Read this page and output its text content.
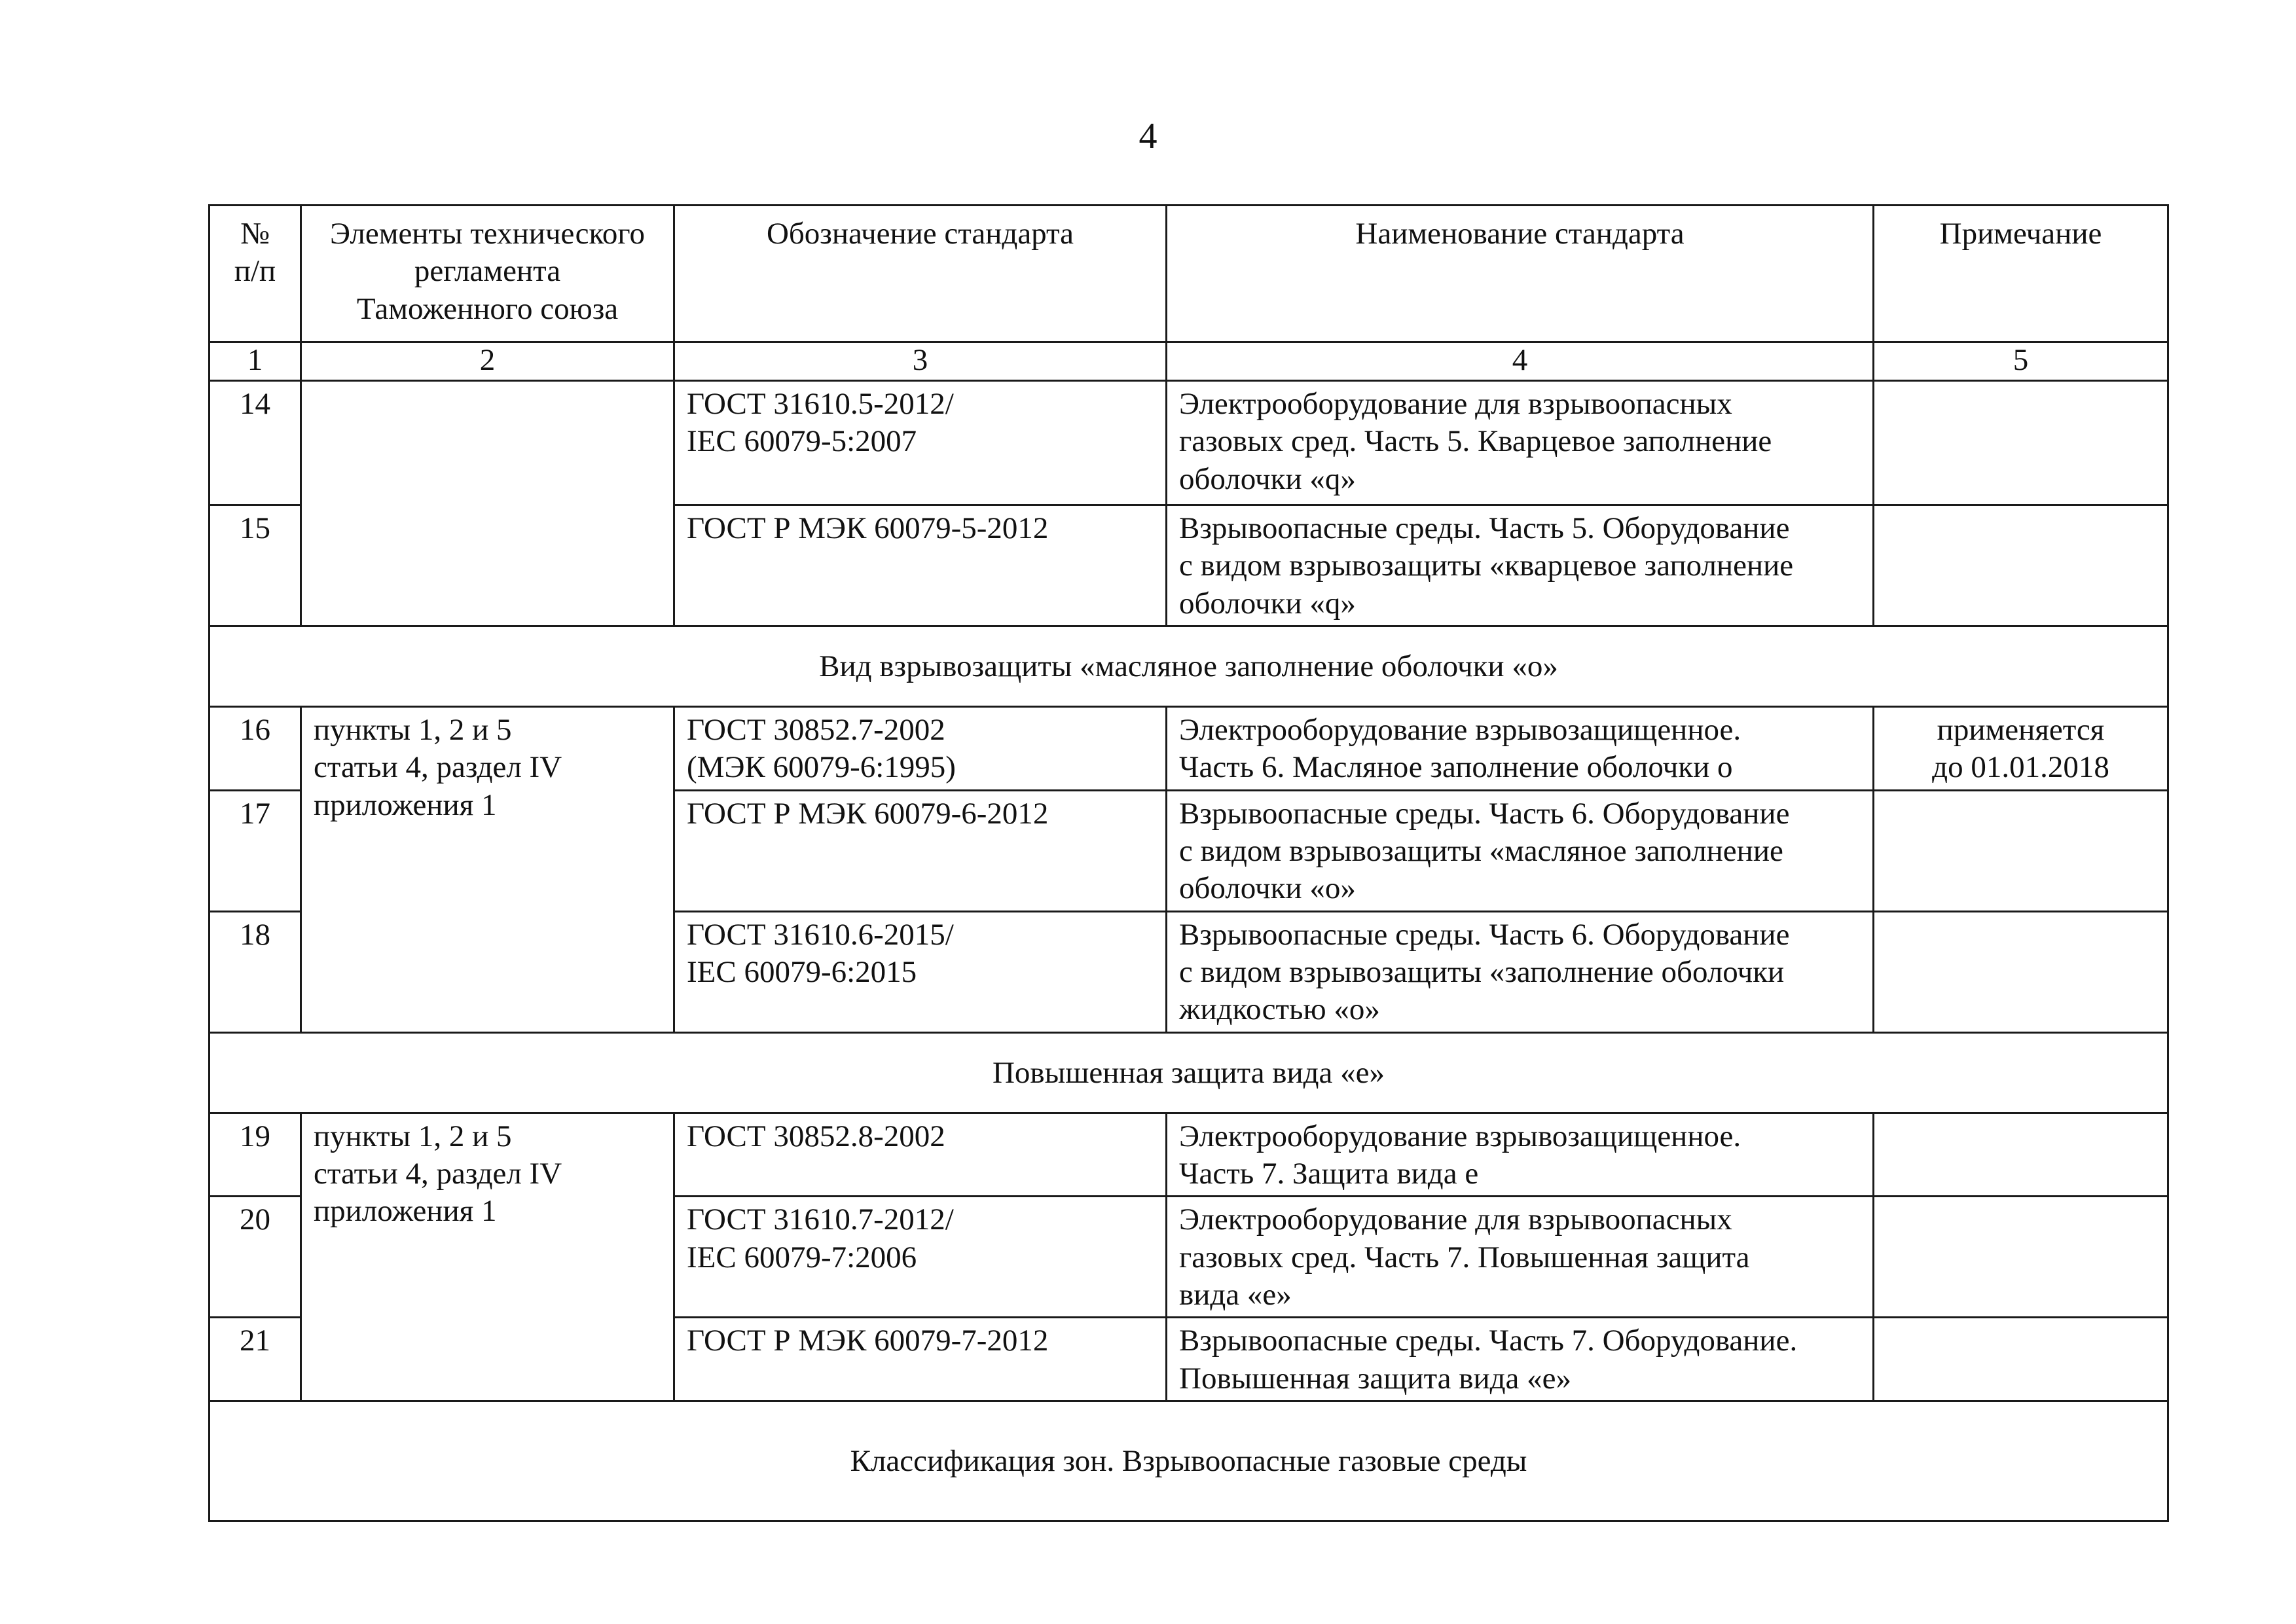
4
№
п/п	Элементы технического
регламента
Таможенного союза	Обозначение стандарта	Наименование стандарта	Примечание
1	2	3	4	5
14		ГОСТ 31610.5-2012/
IEC 60079-5:2007	Электрооборудование для взрывоопасных
газовых сред. Часть 5. Кварцевое заполнение
оболочки «q»	
15		ГОСТ Р МЭК 60079-5-2012	Взрывоопасные среды. Часть 5. Оборудование
с видом взрывозащиты «кварцевое заполнение
оболочки «q»	
Вид взрывозащиты «масляное заполнение оболочки «о»				
16	пункты 1, 2 и 5
статьи 4, раздел IV
приложения 1	ГОСТ 30852.7-2002
(МЭК 60079-6:1995)	Электрооборудование взрывозащищенное.
Часть 6. Масляное заполнение оболочки о	применяется
до 01.01.2018
17		ГОСТ Р МЭК 60079-6-2012	Взрывоопасные среды. Часть 6. Оборудование
с видом взрывозащиты «масляное заполнение
оболочки «о»	
18		ГОСТ 31610.6-2015/
IEC 60079-6:2015	Взрывоопасные среды. Часть 6. Оборудование
с видом взрывозащиты «заполнение оболочки
жидкостью «о»	
Повышенная защита вида «е»				
19	пункты 1, 2 и 5
статьи 4, раздел IV
приложения 1	ГОСТ 30852.8-2002	Электрооборудование взрывозащищенное.
Часть 7. Защита вида е	
20		ГОСТ 31610.7-2012/
IEC 60079-7:2006	Электрооборудование для взрывоопасных
газовых сред. Часть 7. Повышенная защита
вида «е»	
21		ГОСТ Р МЭК 60079-7-2012	Взрывоопасные среды. Часть 7. Оборудование.
Повышенная защита вида «е»	
Классификация зон. Взрывоопасные газовые среды				
